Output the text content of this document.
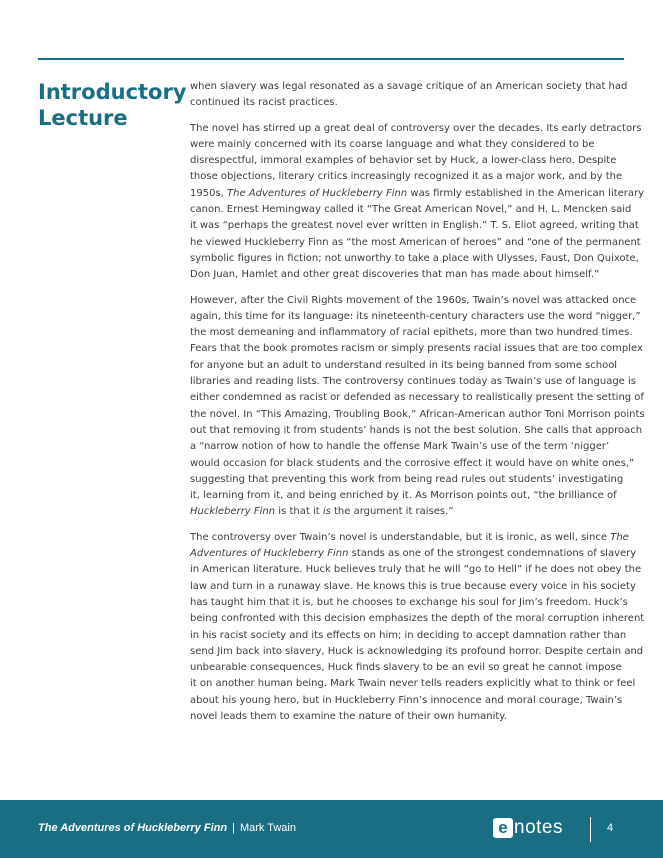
Introductory Lecture

when slavery was legal resonated as a savage critique of an American society that had
continued its racist practices.

The novel has stirred up a great deal of controversy over the decades. Its early detractors
were mainly concerned with its coarse language and what they considered to be
disrespectful, immoral examples of behavior set by Huck, a lower-class hero. Despite
those objections, literary critics increasingly recognized it as a major work, and by the
1950s, The Adventures of Huckleberry Finn was firmly established in the American literary
canon. Ernest Hemingway called it “The Great American Novel,” and H. L. Mencken said
it was “perhaps the greatest novel ever written in English.” T. S. Eliot agreed, writing that
he viewed Huckleberry Finn as “the most American of heroes” and “one of the permanent
symbolic figures in fiction; not unworthy to take a place with Ulysses, Faust, Don Quixote,
Don Juan, Hamlet and other great discoveries that man has made about himself.”

However, after the Civil Rights movement of the 1960s, Twain’s novel was attacked once
again, this time for its language: its nineteenth-century characters use the word “nigger,”
the most demeaning and inflammatory of racial epithets, more than two hundred times.
Fears that the book promotes racism or simply presents racial issues that are too complex
for anyone but an adult to understand resulted in its being banned from some school
libraries and reading lists. The controversy continues today as Twain’s use of language is
either condemned as racist or defended as necessary to realistically present the setting of
the novel. In “This Amazing, Troubling Book,” African-American author Toni Morrison points
out that removing it from students’ hands is not the best solution. She calls that approach
a “narrow notion of how to handle the offense Mark Twain’s use of the term ‘nigger’
would occasion for black students and the corrosive effect it would have on white ones,”
suggesting that preventing this work from being read rules out students’ investigating
it, learning from it, and being enriched by it. As Morrison points out, “the brilliance of
Huckleberry Finn is that it is the argument it raises.”

The controversy over Twain’s novel is understandable, but it is ironic, as well, since The
Adventures of Huckleberry Finn stands as one of the strongest condemnations of slavery
in American literature. Huck believes truly that he will “go to Hell” if he does not obey the
law and turn in a runaway slave. He knows this is true because every voice in his society
has taught him that it is, but he chooses to exchange his soul for Jim’s freedom. Huck’s
being confronted with this decision emphasizes the depth of the moral corruption inherent
in his racist society and its effects on him; in deciding to accept damnation rather than
send Jim back into slavery, Huck is acknowledging its profound horror. Despite certain and
unbearable consequences, Huck finds slavery to be an evil so great he cannot impose
it on another human being. Mark Twain never tells readers explicitly what to think or feel
about his young hero, but in Huckleberry Finn’s innocence and moral courage, Twain’s
novel leads them to examine the nature of their own humanity.

The Adventures of Huckleberry Finn | Mark Twain	e notes	4
